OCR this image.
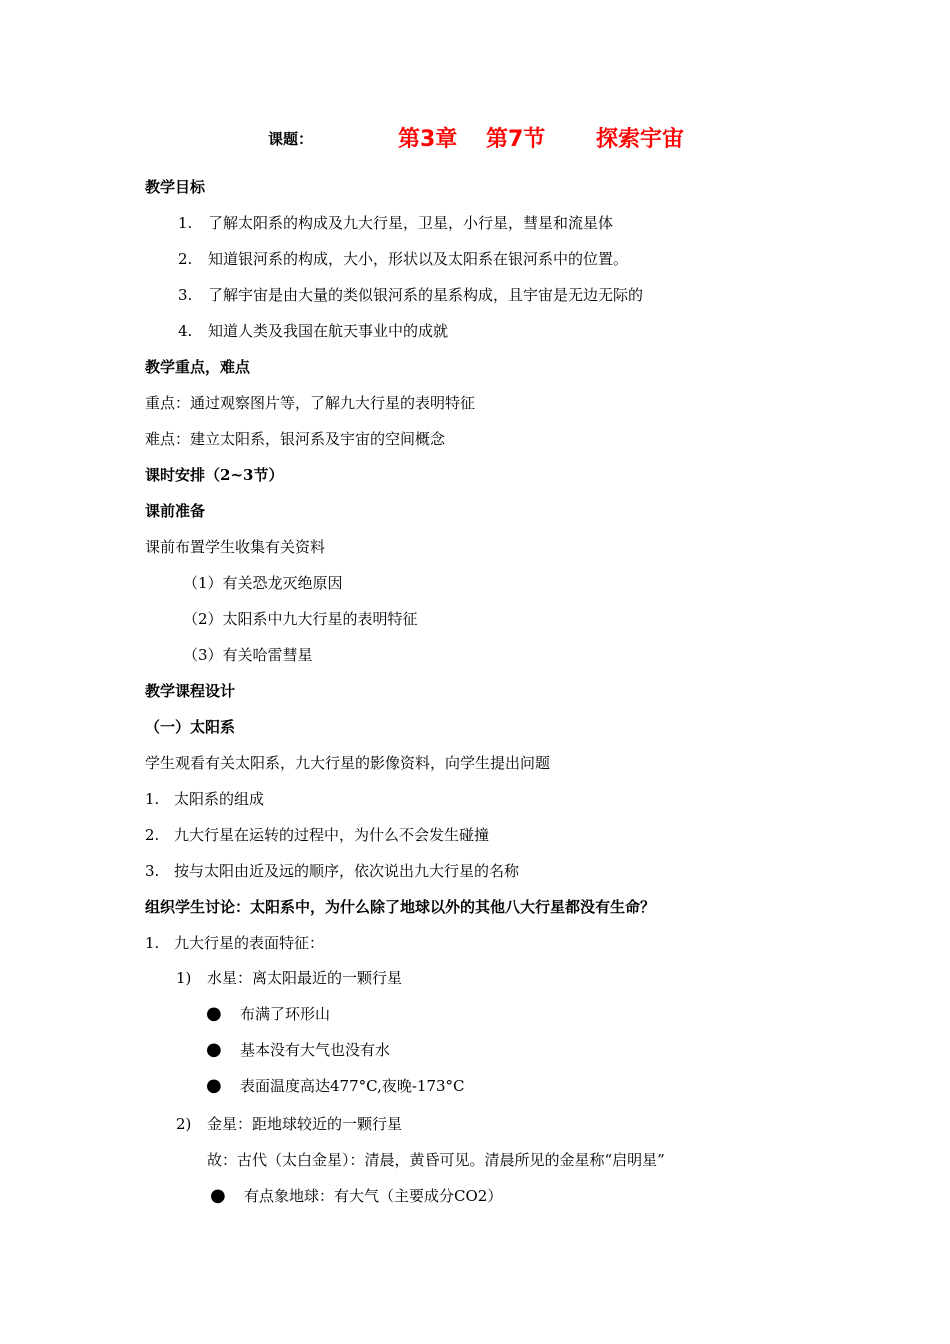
课题：	第3章 第7节 探索宇宙
教学目标
1. 了解太阳系的构成及九大行星，卫星，小行星，彗星和流星体
2. 知道银河系的构成，大小，形状以及太阳系在银河系中的位置。
3. 了解宇宙是由大量的类似银河系的星系构成，且宇宙是无边无际的
4. 知道人类及我国在航天事业中的成就
教学重点，难点
重点：通过观察图片等，了解九大行星的表明特征
难点：建立太阳系，银河系及宇宙的空间概念
课时安排（2~3节）
课前准备
课前布置学生收集有关资料
（1）有关恐龙灭绝原因
（2）太阳系中九大行星的表明特征
（3）有关哈雷彗星
教学课程设计
（一）太阳系
学生观看有关太阳系，九大行星的影像资料，向学生提出问题
1. 太阳系的组成
2. 九大行星在运转的过程中，为什么不会发生碰撞
3. 按与太阳由近及远的顺序，依次说出九大行星的名称
组织学生讨论：太阳系中，为什么除了地球以外的其他八大行星都没有生命？
1. 九大行星的表面特征：
1) 水星：离太阳最近的一颗行星
● 布满了环形山
● 基本没有大气也没有水
● 表面温度高达477°C,夜晚-173°C
2) 金星：距地球较近的一颗行星
故：古代（太白金星）：清晨，黄昏可见。清晨所见的金星称“启明星”
● 有点象地球：有大气（主要成分CO2）
